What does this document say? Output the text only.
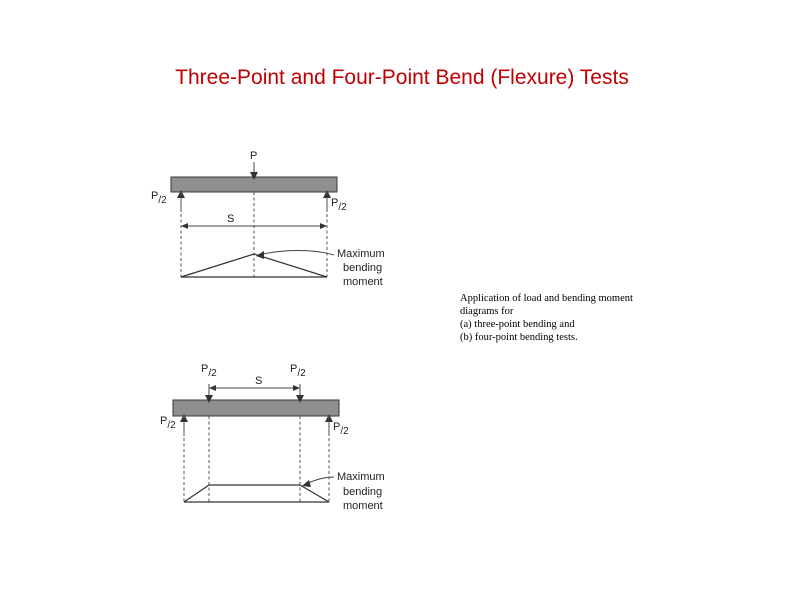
Three-Point and Four-Point Bend (Flexure) Tests
Application of load and bending moment
diagrams for
(a) three-point bending and
(b) four-point bending tests.
P
P/2	P/2
S
Maximum
bending
moment
P/2	P/2
S
P/2	P/2
Maximum
bending
moment
